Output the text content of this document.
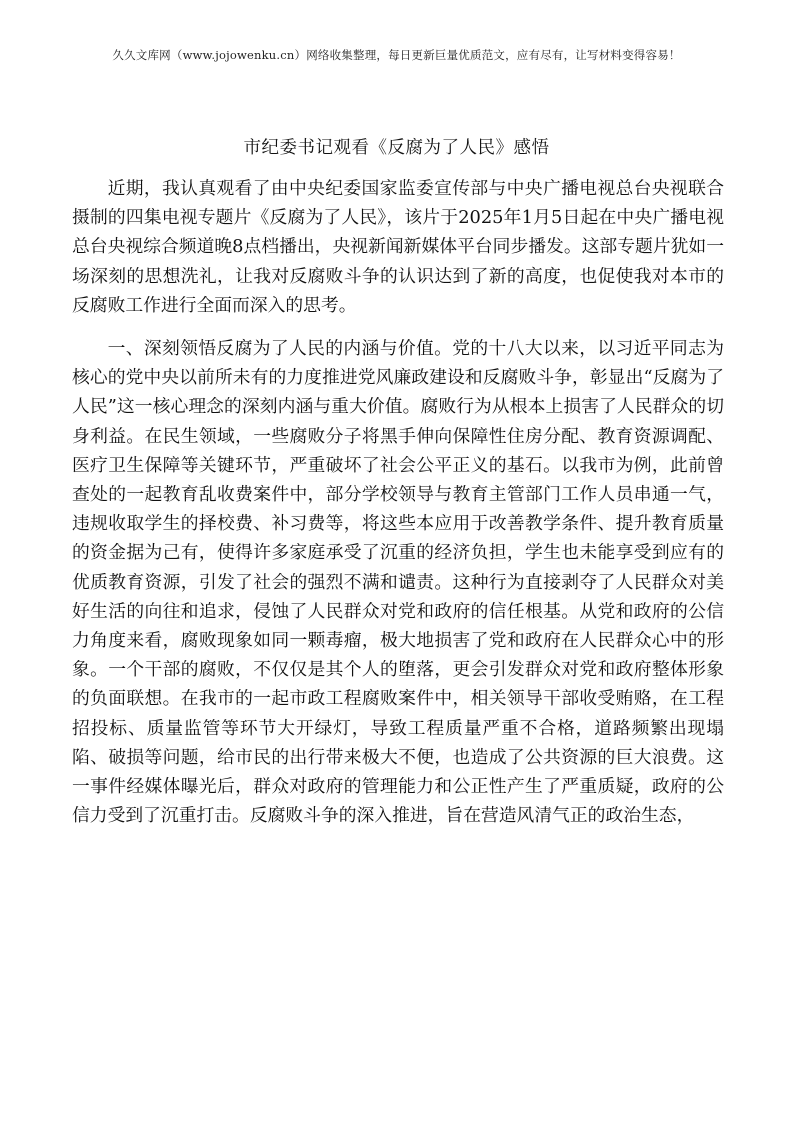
久久文库网（www.jojowenku.cn）网络收集整理，每日更新巨量优质范文，应有尽有，让写材料变得容易！
市纪委书记观看《反腐为了人民》感悟

近期，我认真观看了由中央纪委国家监委宣传部与中央广播电视总台央视联合摄制的四集电视专题片《反腐为了人民》，该片于2025年1月5日起在中央广播电视总台央视综合频道晚8点档播出，央视新闻新媒体平台同步播发。这部专题片犹如一场深刻的思想洗礼，让我对反腐败斗争的认识达到了新的高度，也促使我对本市的反腐败工作进行全面而深入的思考。

一、深刻领悟反腐为了人民的内涵与价值。党的十八大以来，以习近平同志为核心的党中央以前所未有的力度推进党风廉政建设和反腐败斗争，彰显出“反腐为了人民”这一核心理念的深刻内涵与重大价值。腐败行为从根本上损害了人民群众的切身利益。在民生领域，一些腐败分子将黑手伸向保障性住房分配、教育资源调配、医疗卫生保障等关键环节，严重破坏了社会公平正义的基石。以我市为例，此前曾查处的一起教育乱收费案件中，部分学校领导与教育主管部门工作人员串通一气，违规收取学生的择校费、补习费等，将这些本应用于改善教学条件、提升教育质量的资金据为己有，使得许多家庭承受了沉重的经济负担，学生也未能享受到应有的优质教育资源，引发了社会的强烈不满和谴责。这种行为直接剥夺了人民群众对美好生活的向往和追求，侵蚀了人民群众对党和政府的信任根基。从党和政府的公信力角度来看，腐败现象如同一颗毒瘤，极大地损害了党和政府在人民群众心中的形象。一个干部的腐败，不仅仅是其个人的堕落，更会引发群众对党和政府整体形象的负面联想。在我市的一起市政工程腐败案件中，相关领导干部收受贿赂，在工程招投标、质量监管等环节大开绿灯，导致工程质量严重不合格，道路频繁出现塌陷、破损等问题，给市民的出行带来极大不便，也造成了公共资源的巨大浪费。这一事件经媒体曝光后，群众对政府的管理能力和公正性产生了严重质疑，政府的公信力受到了沉重打击。反腐败斗争的深入推进，旨在营造风清气正的政治生态，
